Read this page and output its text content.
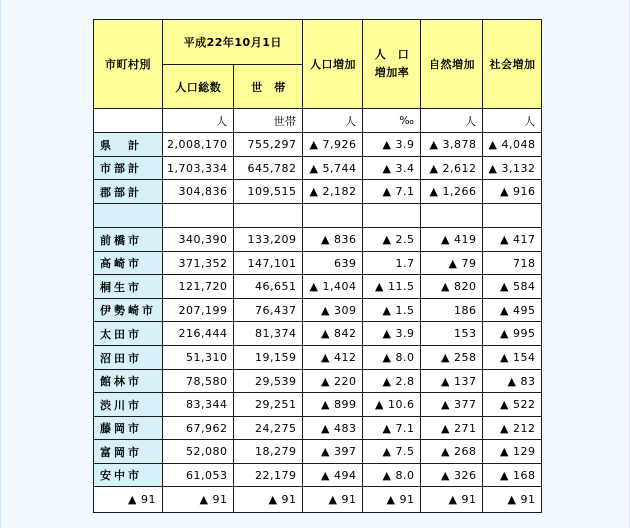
市町村別	平成22年10月1日		人口増加	人　口
増加率	自然増加	社会増加
	人口総数	世　帯				
	人	世帯	人	‰	人	人
県　計	2,008,170	755,297	▲ 7,926	▲ 3.9	▲ 3,878	▲ 4,048
市部計	1,703,334	645,782	▲ 5,744	▲ 3.4	▲ 2,612	▲ 3,132
郡部計	304,836	109,515	▲ 2,182	▲ 7.1	▲ 1,266	▲ 916

前橋市	340,390	133,209	▲ 836	▲ 2.5	▲ 419	▲ 417
高崎市	371,352	147,101	639	1.7	▲ 79	718
桐生市	121,720	46,651	▲ 1,404	▲ 11.5	▲ 820	▲ 584
伊勢崎市	207,199	76,437	▲ 309	▲ 1.5	186	▲ 495
太田市	216,444	81,374	▲ 842	▲ 3.9	153	▲ 995
沼田市	51,310	19,159	▲ 412	▲ 8.0	▲ 258	▲ 154
館林市	78,580	29,539	▲ 220	▲ 2.8	▲ 137	▲ 83
渋川市	83,344	29,251	▲ 899	▲ 10.6	▲ 377	▲ 522
藤岡市	67,962	24,275	▲ 483	▲ 7.1	▲ 271	▲ 212
富岡市	52,080	18,279	▲ 397	▲ 7.5	▲ 268	▲ 129
安中市	61,053	22,179	▲ 494	▲ 8.0	▲ 326	▲ 168
▲ 91	▲ 91	▲ 91	▲ 91	▲ 91	▲ 91	▲ 91
